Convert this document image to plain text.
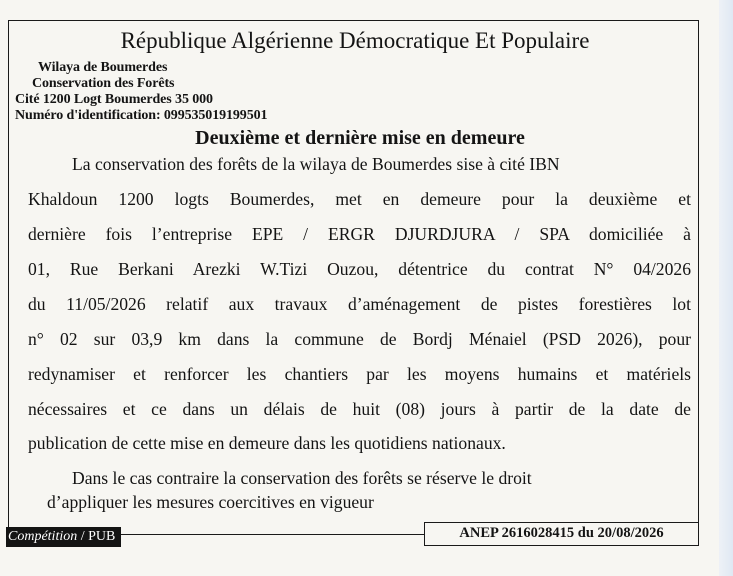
République Algérienne Démocratique Et Populaire
Wilaya de Boumerdes
Conservation des Forêts
Cité 1200 Logt Boumerdes 35 000
Numéro d'identification: 099535019199501
Deuxième et dernière mise en demeure
La conservation des forêts de la wilaya de Boumerdes sise à cité IBN
Khaldoun 1200 logts Boumerdes, met en demeure pour la deuxième et
dernière fois l’entreprise EPE / ERGR DJURDJURA / SPA domiciliée à
01, Rue Berkani Arezki W.Tizi Ouzou, détentrice du contrat N° 04/2026
du 11/05/2026 relatif aux travaux d’aménagement de pistes forestières lot
n° 02 sur 03,9 km dans la commune de Bordj Ménaiel (PSD 2026), pour
redynamiser et renforcer les chantiers par les moyens humains et matériels
nécessaires et ce dans un délais de huit (08) jours à partir de la date de
publication de cette mise en demeure dans les quotidiens nationaux.
Dans le cas contraire la conservation des forêts se réserve le droit
d’appliquer les mesures coercitives en vigueur
Compétition / PUB	ANEP 2616028415 du 20/08/2026
